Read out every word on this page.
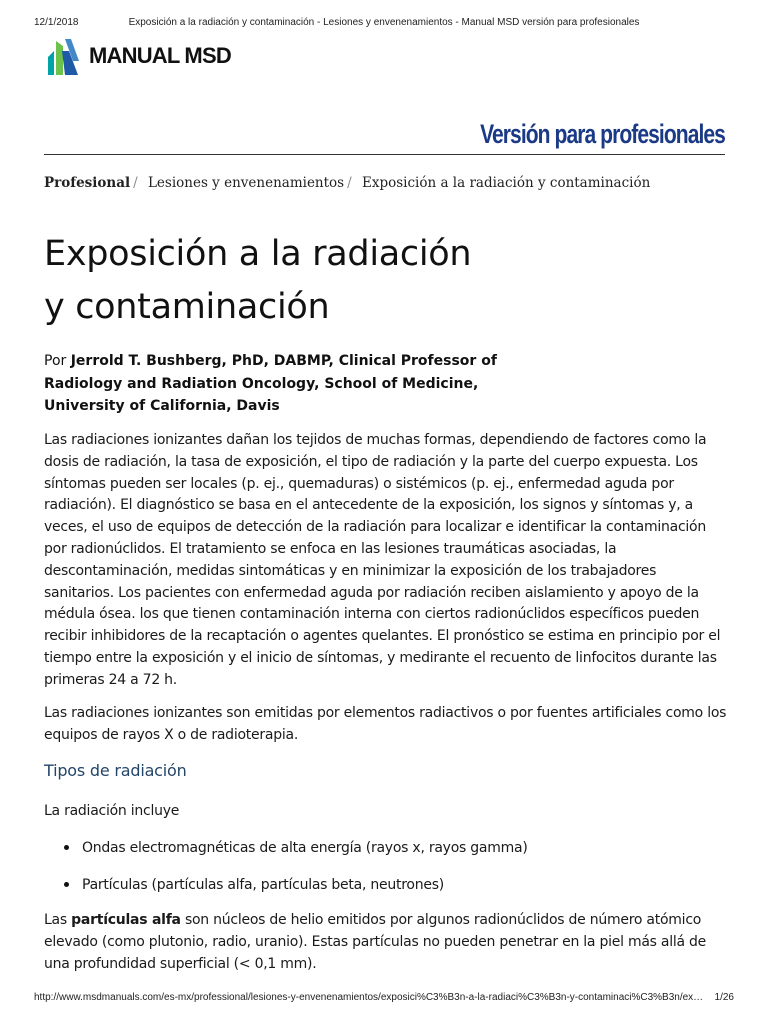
12/1/2018	Exposición a la radiación y contaminación - Lesiones y envenenamientos - Manual MSD versión para profesionales
MANUAL MSD
Versión para profesionales
Profesional / Lesiones y envenenamientos / Exposición a la radiación y contaminación
Exposición a la radiación
y contaminación
Por Jerrold T. Bushberg, PhD, DABMP, Clinical Professor of Radiology and Radiation Oncology, School of Medicine, University of California, Davis

Las radiaciones ionizantes dañan los tejidos de muchas formas, dependiendo de factores como la dosis de radiación, la tasa de exposición, el tipo de radiación y la parte del cuerpo expuesta. Los síntomas pueden ser locales (p. ej., quemaduras) o sistémicos (p. ej., enfermedad aguda por radiación). El diagnóstico se basa en el antecedente de la exposición, los signos y síntomas y, a veces, el uso de equipos de detección de la radiación para localizar e identificar la contaminación por radionúclidos. El tratamiento se enfoca en las lesiones traumáticas asociadas, la descontaminación, medidas sintomáticas y en minimizar la exposición de los trabajadores sanitarios. Los pacientes con enfermedad aguda por radiación reciben aislamiento y apoyo de la médula ósea. los que tienen contaminación interna con ciertos radionúclidos específicos pueden recibir inhibidores de la recaptación o agentes quelantes. El pronóstico se estima en principio por el tiempo entre la exposición y el inicio de síntomas, y medirante el recuento de linfocitos durante las primeras 24 a 72 h.

Las radiaciones ionizantes son emitidas por elementos radiactivos o por fuentes artificiales como los equipos de rayos X o de radioterapia.

Tipos de radiación

La radiación incluye

Ondas electromagnéticas de alta energía (rayos x, rayos gamma)
Partículas (partículas alfa, partículas beta, neutrones)

Las partículas alfa son núcleos de helio emitidos por algunos radionúclidos de número atómico elevado (como plutonio, radio, uranio). Estas partículas no pueden penetrar en la piel más allá de una profundidad superficial (< 0,1 mm).

http://www.msdmanuals.com/es-mx/professional/lesiones-y-envenenamientos/exposici%C3%B3n-a-la-radiaci%C3%B3n-y-contaminaci%C3%B3n/ex… 1/26
